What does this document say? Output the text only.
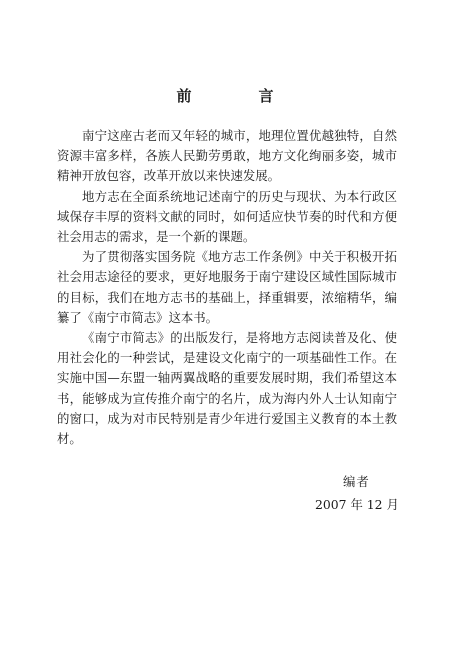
前　言

南宁这座古老而又年轻的城市，地理位置优越独特，自然资源丰富多样，各族人民勤劳勇敢，地方文化绚丽多姿，城市精神开放包容，改革开放以来快速发展。

地方志在全面系统地记述南宁的历史与现状、为本行政区域保存丰厚的资料文献的同时，如何适应快节奏的时代和方便社会用志的需求，是一个新的课题。

为了贯彻落实国务院《地方志工作条例》中关于积极开拓社会用志途径的要求，更好地服务于南宁建设区域性国际城市的目标，我们在地方志书的基础上，择重辑要，浓缩精华，编纂了《南宁市简志》这本书。

《南宁市简志》的出版发行，是将地方志阅读普及化、使用社会化的一种尝试，是建设文化南宁的一项基础性工作。在实施中国—东盟一轴两翼战略的重要发展时期，我们希望这本书，能够成为宣传推介南宁的名片，成为海内外人士认知南宁的窗口，成为对市民特别是青少年进行爱国主义教育的本土教材。

编者
2007 年 12 月
